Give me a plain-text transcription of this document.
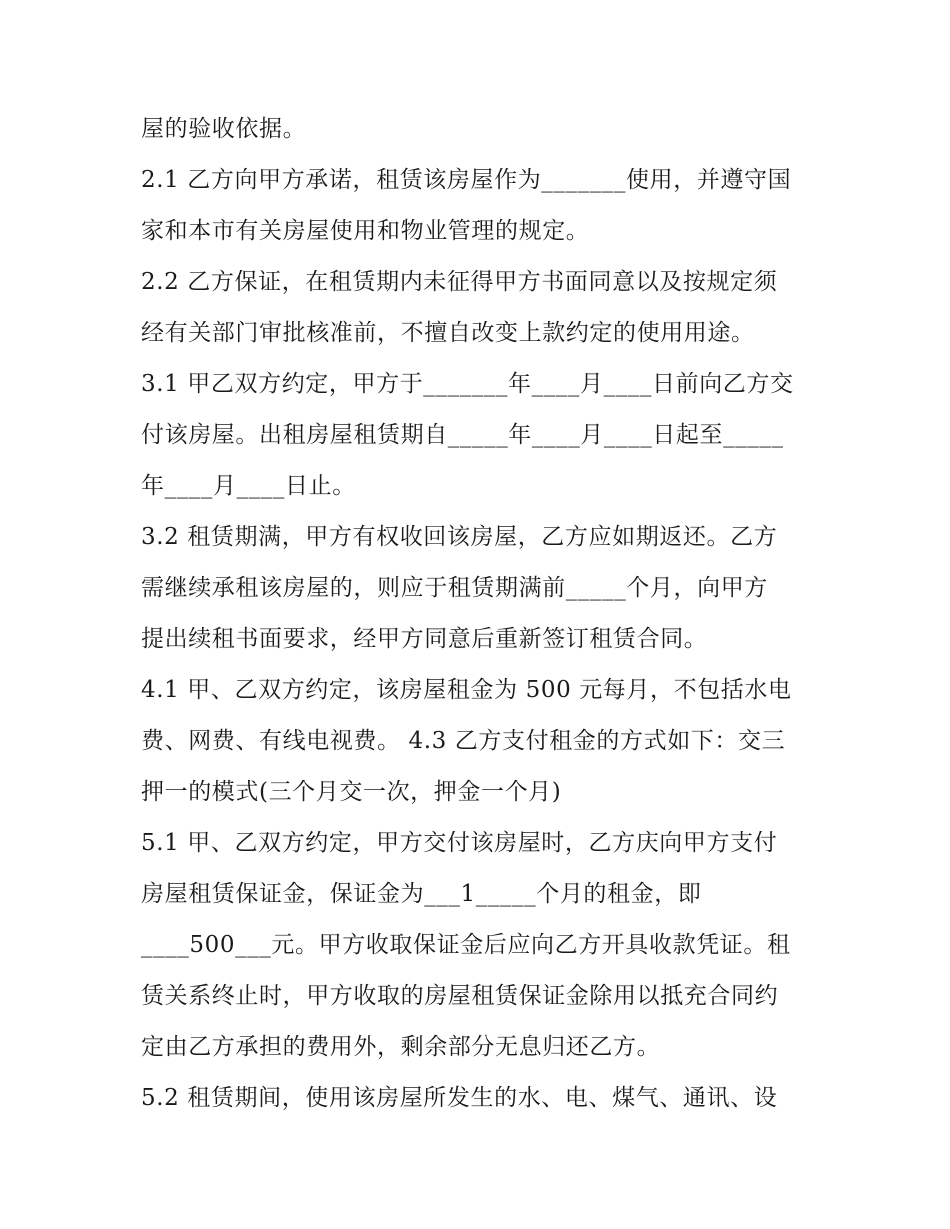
屋的验收依据。
2.1 乙方向甲方承诺，租赁该房屋作为_______使用，并遵守国
家和本市有关房屋使用和物业管理的规定。
2.2 乙方保证，在租赁期内未征得甲方书面同意以及按规定须
经有关部门审批核准前，不擅自改变上款约定的使用用途。
3.1 甲乙双方约定，甲方于_______年____月____日前向乙方交
付该房屋。出租房屋租赁期自_____年____月____日起至_____
年____月____日止。
3.2 租赁期满，甲方有权收回该房屋，乙方应如期返还。乙方
需继续承租该房屋的，则应于租赁期满前_____个月，向甲方
提出续租书面要求，经甲方同意后重新签订租赁合同。
4.1 甲、乙双方约定，该房屋租金为 500 元每月，不包括水电
费、网费、有线电视费。 4.3 乙方支付租金的方式如下：交三
押一的模式(三个月交一次，押金一个月)
5.1 甲、乙双方约定，甲方交付该房屋时，乙方庆向甲方支付
房屋租赁保证金，保证金为___1_____个月的租金，即
____500___元。甲方收取保证金后应向乙方开具收款凭证。租
赁关系终止时，甲方收取的房屋租赁保证金除用以抵充合同约
定由乙方承担的费用外，剩余部分无息归还乙方。
5.2 租赁期间，使用该房屋所发生的水、电、煤气、通讯、设
